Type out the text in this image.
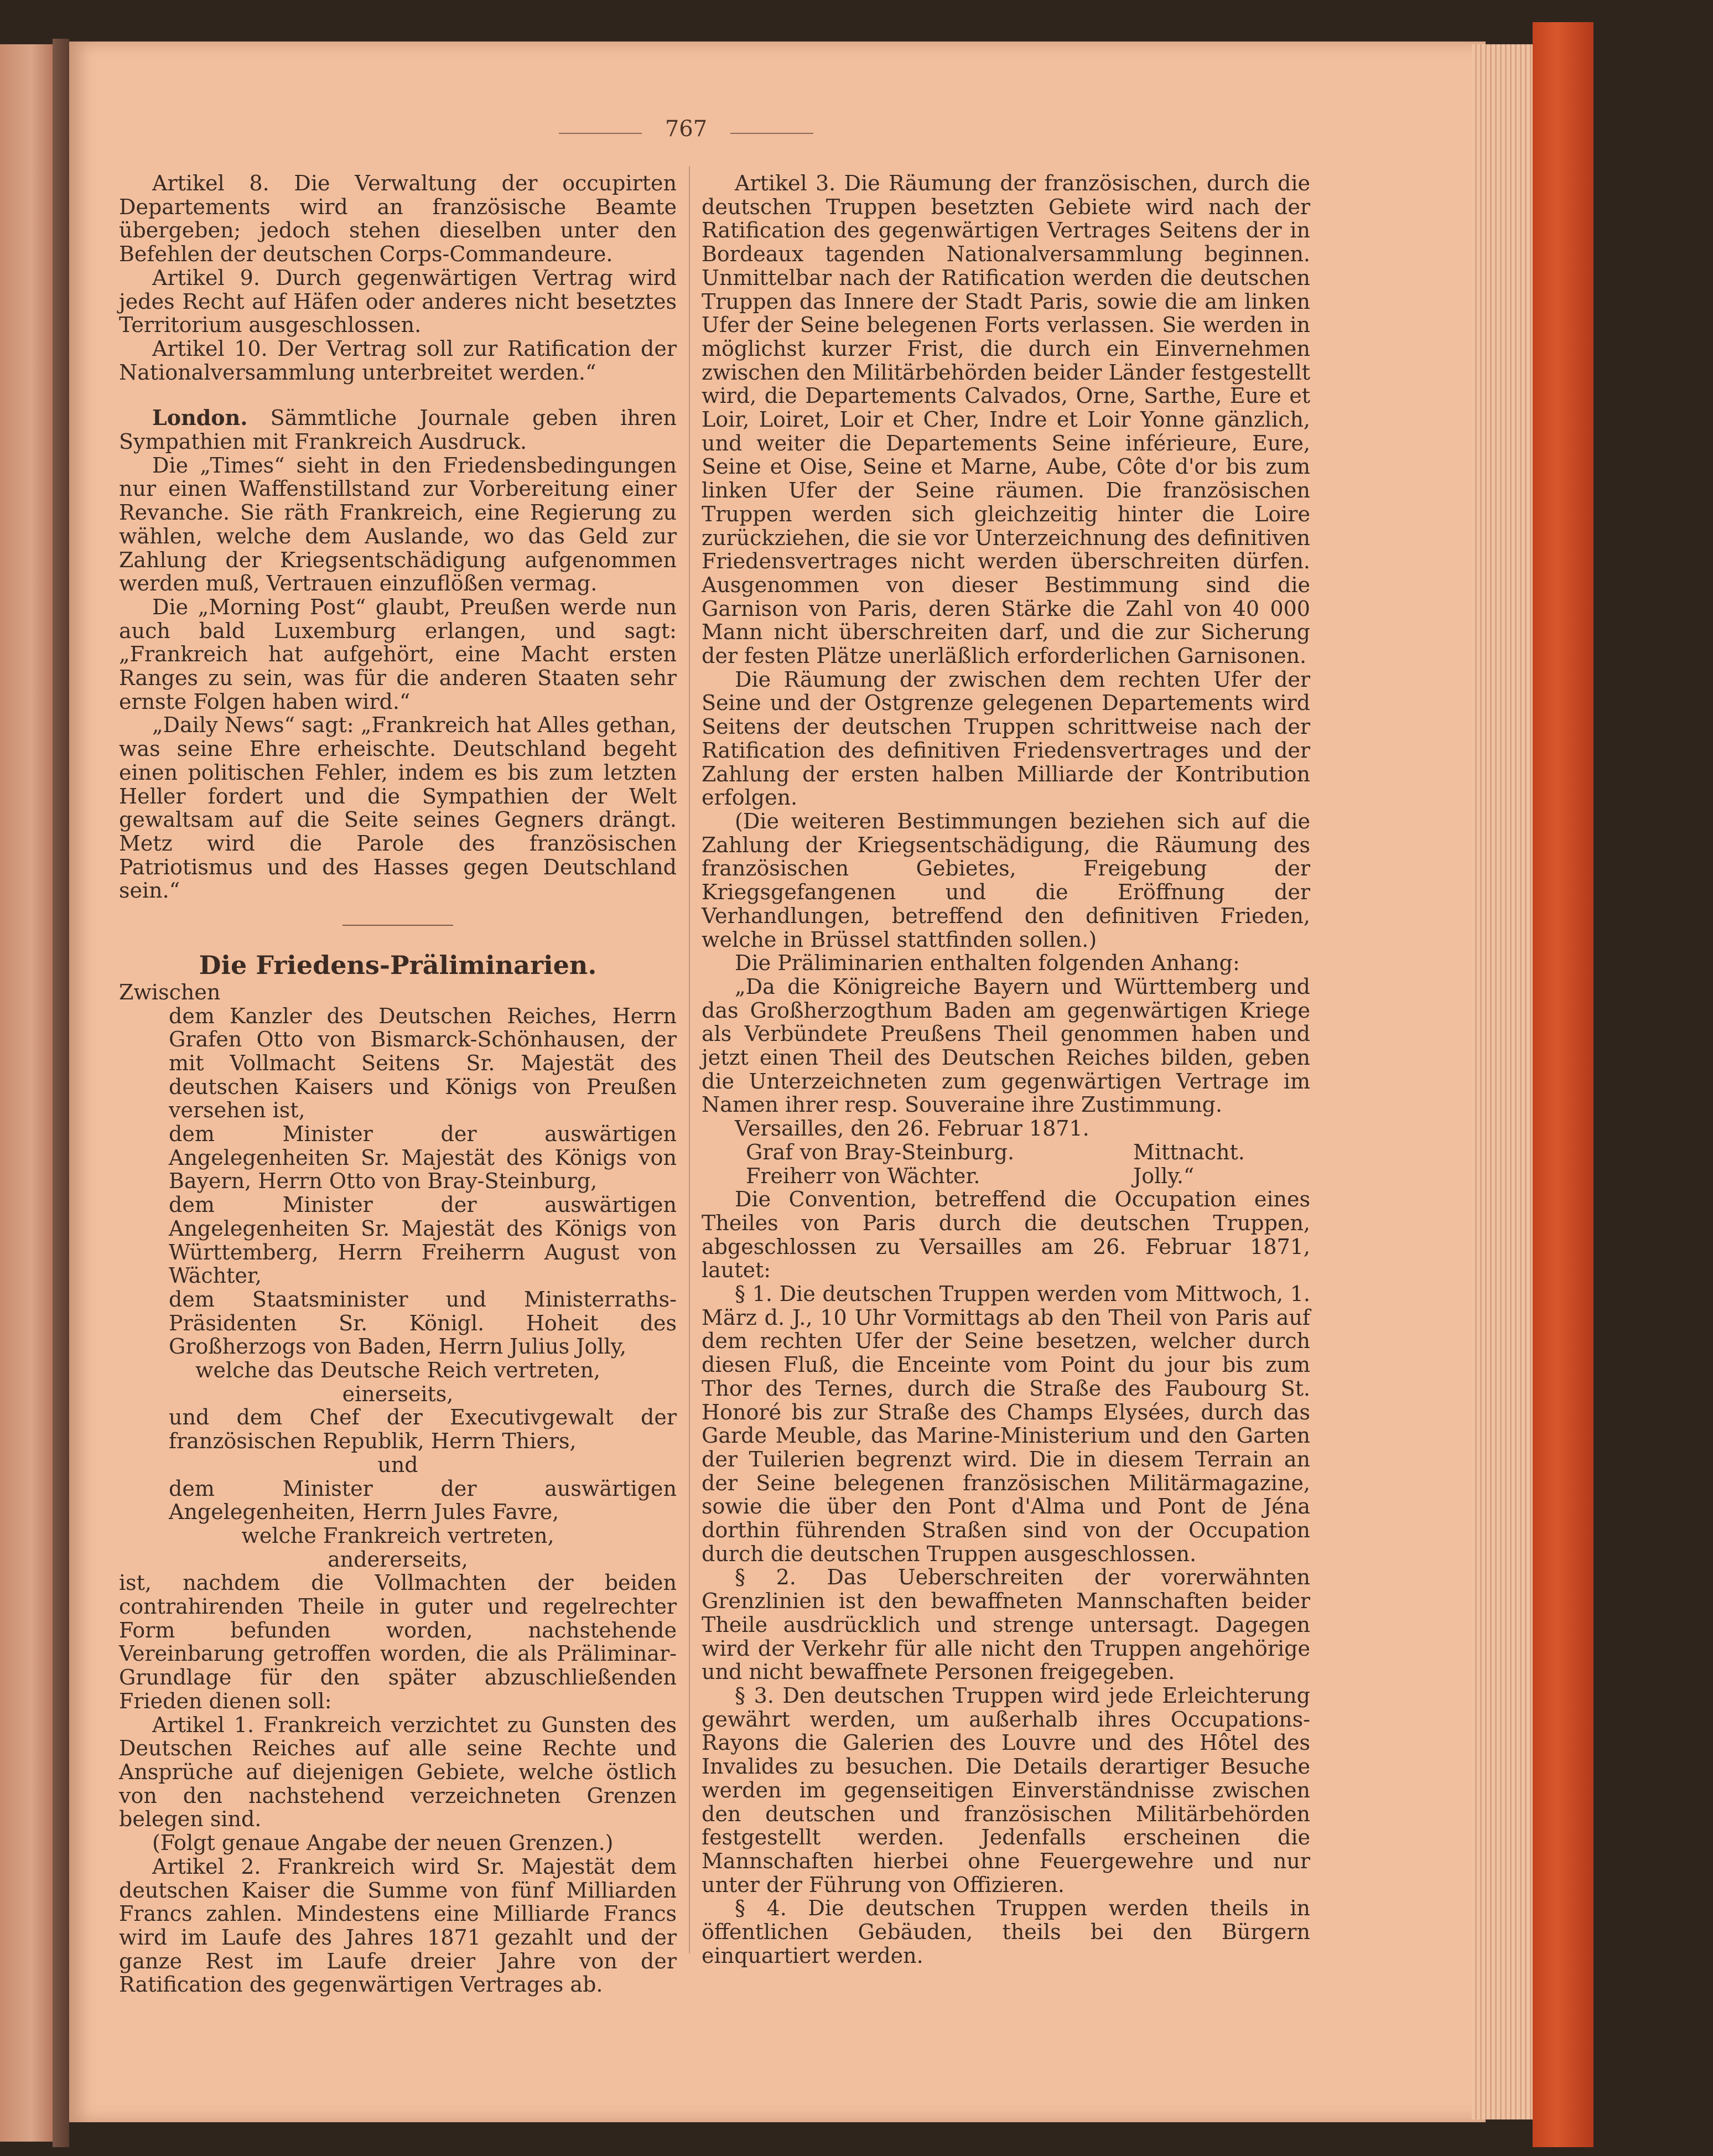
767

Artikel 8. Die Verwaltung der occupirten Departements wird an französische Beamte übergeben; jedoch stehen dieselben unter den Befehlen der deutschen Corps-Commandeure.

Artikel 9. Durch gegenwärtigen Vertrag wird jedes Recht auf Häfen oder anderes nicht besetztes Territorium ausgeschlossen.

Artikel 10. Der Vertrag soll zur Ratification der Nationalversammlung unterbreitet werden.“

London. Sämmtliche Journale geben ihren Sympathien mit Frankreich Ausdruck.

Die „Times“ sieht in den Friedensbedingungen nur einen Waffenstillstand zur Vorbereitung einer Revanche. Sie räth Frankreich, eine Regierung zu wählen, welche dem Auslande, wo das Geld zur Zahlung der Kriegsentschädigung aufgenommen werden muß, Vertrauen einzuflößen vermag.

Die „Morning Post“ glaubt, Preußen werde nun auch bald Luxemburg erlangen, und sagt: „Frankreich hat aufgehört, eine Macht ersten Ranges zu sein, was für die anderen Staaten sehr ernste Folgen haben wird.“

„Daily News“ sagt: „Frankreich hat Alles gethan, was seine Ehre erheischte. Deutschland begeht einen politischen Fehler, indem es bis zum letzten Heller fordert und die Sympathien der Welt gewaltsam auf die Seite seines Gegners drängt. Metz wird die Parole des französischen Patriotismus und des Hasses gegen Deutschland sein.“

Die Friedens-Präliminarien.

Zwischen

dem Kanzler des Deutschen Reiches, Herrn Grafen Otto von Bismarck-Schönhausen, der mit Vollmacht Seitens Sr. Majestät des deutschen Kaisers und Königs von Preußen versehen ist,

dem Minister der auswärtigen Angelegenheiten Sr. Majestät des Königs von Bayern, Herrn Otto von Bray-Steinburg,

dem Minister der auswärtigen Angelegenheiten Sr. Majestät des Königs von Württemberg, Herrn Freiherrn August von Wächter,

dem Staatsminister und Ministerraths-Präsidenten Sr. Königl. Hoheit des Großherzogs von Baden, Herrn Julius Jolly,

welche das Deutsche Reich vertreten,

einerseits,

und dem Chef der Executivgewalt der französischen Republik, Herrn Thiers,

und

dem Minister der auswärtigen Angelegenheiten, Herrn Jules Favre,

welche Frankreich vertreten,

andererseits,

ist, nachdem die Vollmachten der beiden contrahirenden Theile in guter und regelrechter Form befunden worden, nachstehende Vereinbarung getroffen worden, die als Präliminar-Grundlage für den später abzuschließenden Frieden dienen soll:

Artikel 1. Frankreich verzichtet zu Gunsten des Deutschen Reiches auf alle seine Rechte und Ansprüche auf diejenigen Gebiete, welche östlich von den nachstehend verzeichneten Grenzen belegen sind.

(Folgt genaue Angabe der neuen Grenzen.)

Artikel 2. Frankreich wird Sr. Majestät dem deutschen Kaiser die Summe von fünf Milliarden Francs zahlen. Mindestens eine Milliarde Francs wird im Laufe des Jahres 1871 gezahlt und der ganze Rest im Laufe dreier Jahre von der Ratification des gegenwärtigen Vertrages ab.

Artikel 3. Die Räumung der französischen, durch die deutschen Truppen besetzten Gebiete wird nach der Ratification des gegenwärtigen Vertrages Seitens der in Bordeaux tagenden Nationalversammlung beginnen. Unmittelbar nach der Ratification werden die deutschen Truppen das Innere der Stadt Paris, sowie die am linken Ufer der Seine belegenen Forts verlassen. Sie werden in möglichst kurzer Frist, die durch ein Einvernehmen zwischen den Militärbehörden beider Länder festgestellt wird, die Departements Calvados, Orne, Sarthe, Eure et Loir, Loiret, Loir et Cher, Indre et Loir Yonne gänzlich, und weiter die Departements Seine inférieure, Eure, Seine et Oise, Seine et Marne, Aube, Côte d'or bis zum linken Ufer der Seine räumen. Die französischen Truppen werden sich gleichzeitig hinter die Loire zurückziehen, die sie vor Unterzeichnung des definitiven Friedensvertrages nicht werden überschreiten dürfen. Ausgenommen von dieser Bestimmung sind die Garnison von Paris, deren Stärke die Zahl von 40 000 Mann nicht überschreiten darf, und die zur Sicherung der festen Plätze unerläßlich erforderlichen Garnisonen.

Die Räumung der zwischen dem rechten Ufer der Seine und der Ostgrenze gelegenen Departements wird Seitens der deutschen Truppen schrittweise nach der Ratification des definitiven Friedensvertrages und der Zahlung der ersten halben Milliarde der Kontribution erfolgen.

(Die weiteren Bestimmungen beziehen sich auf die Zahlung der Kriegsentschädigung, die Räumung des französischen Gebietes, Freigebung der Kriegsgefangenen und die Eröffnung der Verhandlungen, betreffend den definitiven Frieden, welche in Brüssel stattfinden sollen.)

Die Präliminarien enthalten folgenden Anhang:

„Da die Königreiche Bayern und Württemberg und das Großherzogthum Baden am gegenwärtigen Kriege als Verbündete Preußens Theil genommen haben und jetzt einen Theil des Deutschen Reiches bilden, geben die Unterzeichneten zum gegenwärtigen Vertrage im Namen ihrer resp. Souveraine ihre Zustimmung.

Versailles, den 26. Februar 1871.

Graf von Bray-Steinburg.	Mittnacht.
Freiherr von Wächter.	Jolly.“

Die Convention, betreffend die Occupation eines Theiles von Paris durch die deutschen Truppen, abgeschlossen zu Versailles am 26. Februar 1871, lautet:

§ 1. Die deutschen Truppen werden vom Mittwoch, 1. März d. J., 10 Uhr Vormittags ab den Theil von Paris auf dem rechten Ufer der Seine besetzen, welcher durch diesen Fluß, die Enceinte vom Point du jour bis zum Thor des Ternes, durch die Straße des Faubourg St. Honoré bis zur Straße des Champs Elysées, durch das Garde Meuble, das Marine-Ministerium und den Garten der Tuilerien begrenzt wird. Die in diesem Terrain an der Seine belegenen französischen Militärmagazine, sowie die über den Pont d'Alma und Pont de Jéna dorthin führenden Straßen sind von der Occupation durch die deutschen Truppen ausgeschlossen.

§ 2. Das Ueberschreiten der vorerwähnten Grenzlinien ist den bewaffneten Mannschaften beider Theile ausdrücklich und strenge untersagt. Dagegen wird der Verkehr für alle nicht den Truppen angehörige und nicht bewaffnete Personen freigegeben.

§ 3. Den deutschen Truppen wird jede Erleichterung gewährt werden, um außerhalb ihres Occupations-Rayons die Galerien des Louvre und des Hôtel des Invalides zu besuchen. Die Details derartiger Besuche werden im gegenseitigen Einverständnisse zwischen den deutschen und französischen Militärbehörden festgestellt werden. Jedenfalls erscheinen die Mannschaften hierbei ohne Feuergewehre und nur unter der Führung von Offizieren.

§ 4. Die deutschen Truppen werden theils in öffentlichen Gebäuden, theils bei den Bürgern einquartiert werden.
